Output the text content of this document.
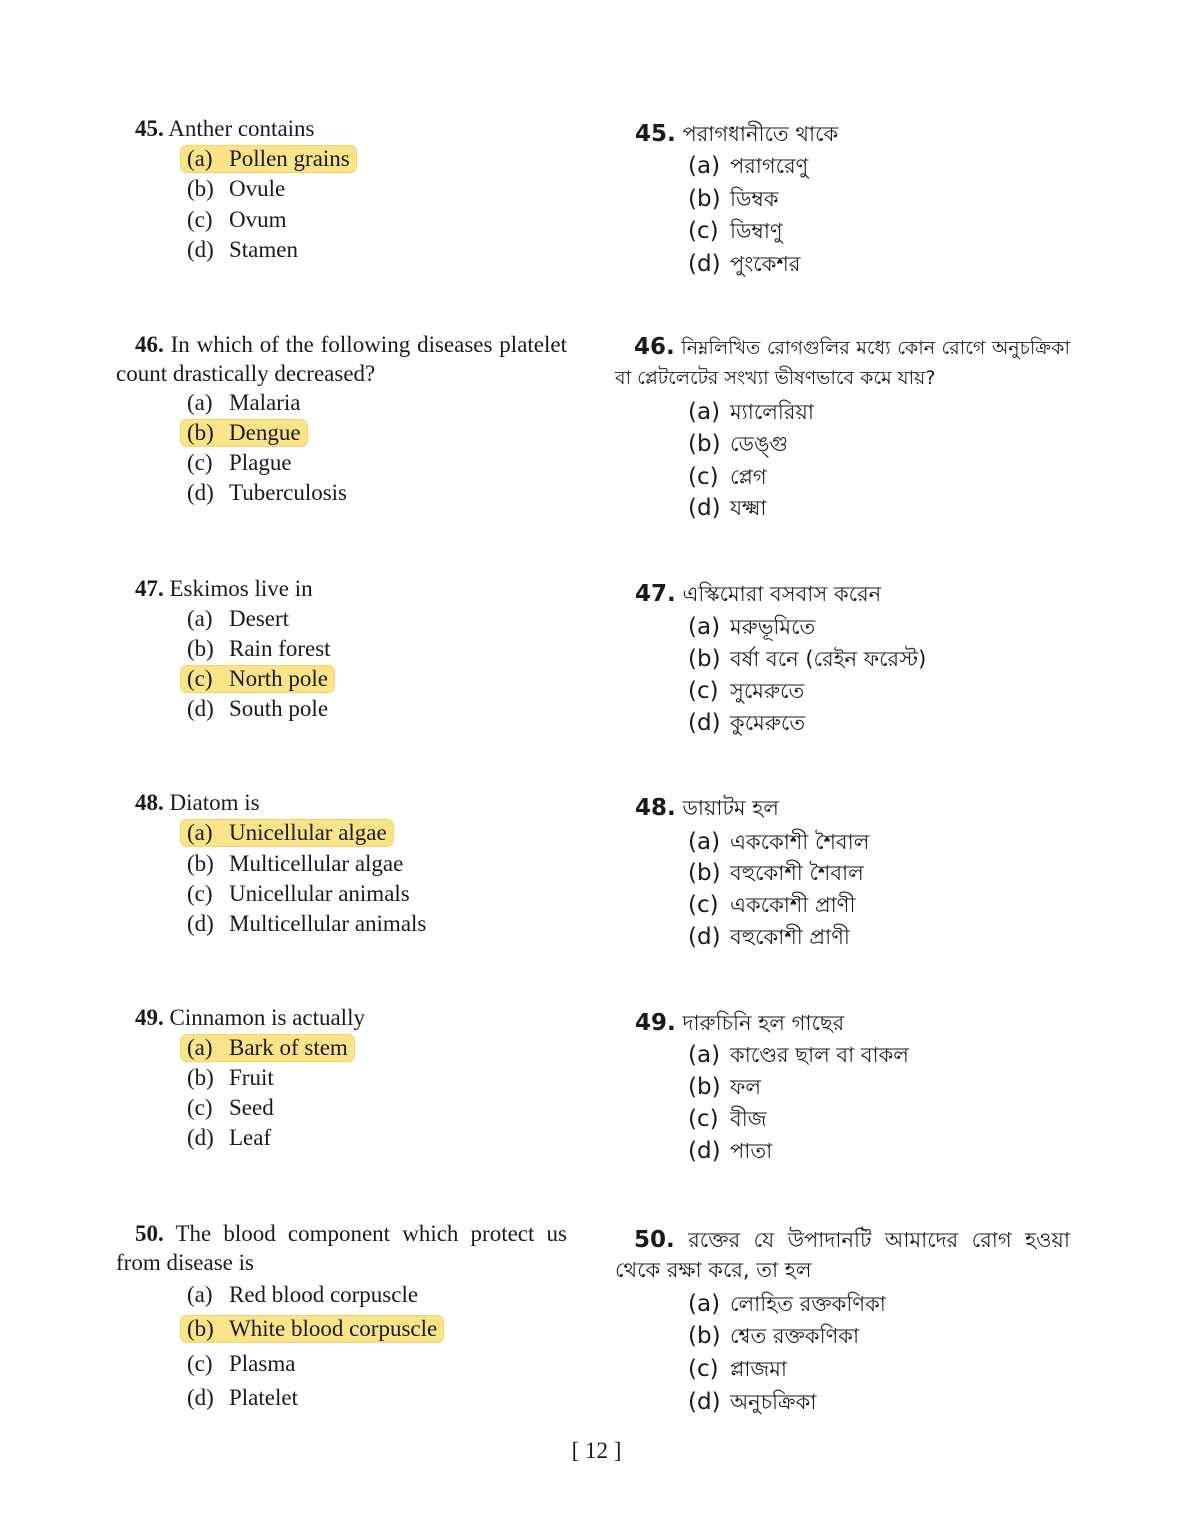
45. Anther contains
(a) Pollen grains
(b) Ovule
(c) Ovum
(d) Stamen
45. পরাগধানীতে থাকে
(a) পরাগরেণু
(b) ডিম্বক
(c) ডিম্বাণু
(d) পুংকেশর
46. In which of the following diseases platelet count drastically decreased?
(a) Malaria
(b) Dengue
(c) Plague
(d) Tuberculosis
46. নিম্নলিখিত রোগগুলির মধ্যে কোন রোগে অনুচক্রিকা বা প্লেটলেটের সংখ্যা ভীষণভাবে কমে যায়?
(a) ম্যালেরিয়া
(b) ডেঙ্গু
(c) প্লেগ
(d) যক্ষ্মা
47. Eskimos live in
(a) Desert
(b) Rain forest
(c) North pole
(d) South pole
47. এস্কিমোরা বসবাস করেন
(a) মরুভূমিতে
(b) বর্ষা বনে (রেইন ফরেস্ট)
(c) সুমেরুতে
(d) কুমেরুতে
48. Diatom is
(a) Unicellular algae
(b) Multicellular algae
(c) Unicellular animals
(d) Multicellular animals
48. ডায়াটম হল
(a) এককোশী শৈবাল
(b) বহুকোশী শৈবাল
(c) এককোশী প্রাণী
(d) বহুকোশী প্রাণী
49. Cinnamon is actually
(a) Bark of stem
(b) Fruit
(c) Seed
(d) Leaf
49. দারুচিনি হল গাছের
(a) কাণ্ডের ছাল বা বাকল
(b) ফল
(c) বীজ
(d) পাতা
50. The blood component which protect us from disease is
(a) Red blood corpuscle
(b) White blood corpuscle
(c) Plasma
(d) Platelet
50. রক্তের যে উপাদানটি আমাদের রোগ হওয়া থেকে রক্ষা করে, তা হল
(a) লোহিত রক্তকণিকা
(b) শ্বেত রক্তকণিকা
(c) প্লাজমা
(d) অনুচক্রিকা
[ 12 ]
